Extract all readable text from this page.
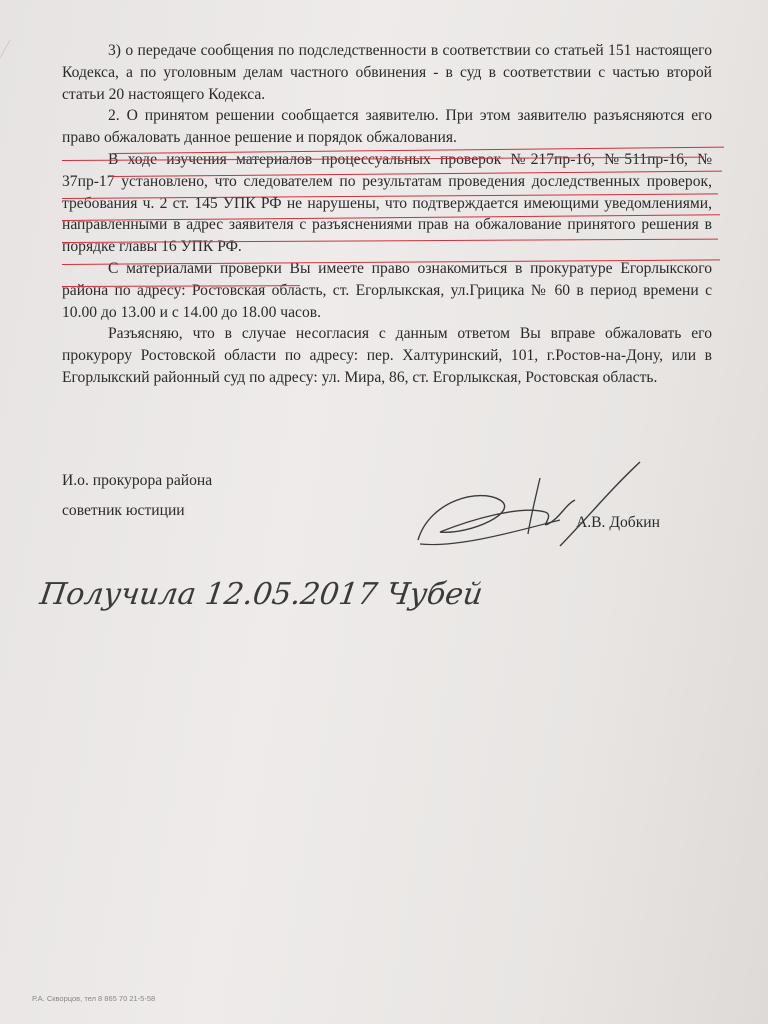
3) о передаче сообщения по подследственности в соответствии со статьей 151 настоящего Кодекса, а по уголовным делам частного обвинения - в суд в соответствии с частью второй статьи 20 настоящего Кодекса.

2. О принятом решении сообщается заявителю. При этом заявителю разъясняются его право обжаловать данное решение и порядок обжалования.

В ходе изучения материалов процессуальных проверок №217пр-16, №511пр-16, № 37пр-17 установлено, что следователем по результатам проведения доследственных проверок, требования ч. 2 ст. 145 УПК РФ не нарушены, что подтверждается имеющими уведомлениями, направленными в адрес заявителя с разъяснениями прав на обжалование принятого решения в порядке главы 16 УПК РФ.

С материалами проверки Вы имеете право ознакомиться в прокуратуре Егорлыкского района по адресу: Ростовская область, ст. Егорлыкская, ул.Грицика № 60 в период времени с 10.00 до 13.00 и с 14.00 до 18.00 часов.

Разъясняю, что в случае несогласия с данным ответом Вы вправе обжаловать его прокурору Ростовской области по адресу: пер. Халтуринский, 101, г.Ростов-на-Дону, или в Егорлыкский районный суд по адресу: ул. Мира, 86, ст. Егорлыкская, Ростовская область.

И.о. прокурора района
советник юстиции
А.В. Добкин
Получила 12.05.2017 Чубей
Р.А. Скворцов, тел 8 865 70 21-5-58
